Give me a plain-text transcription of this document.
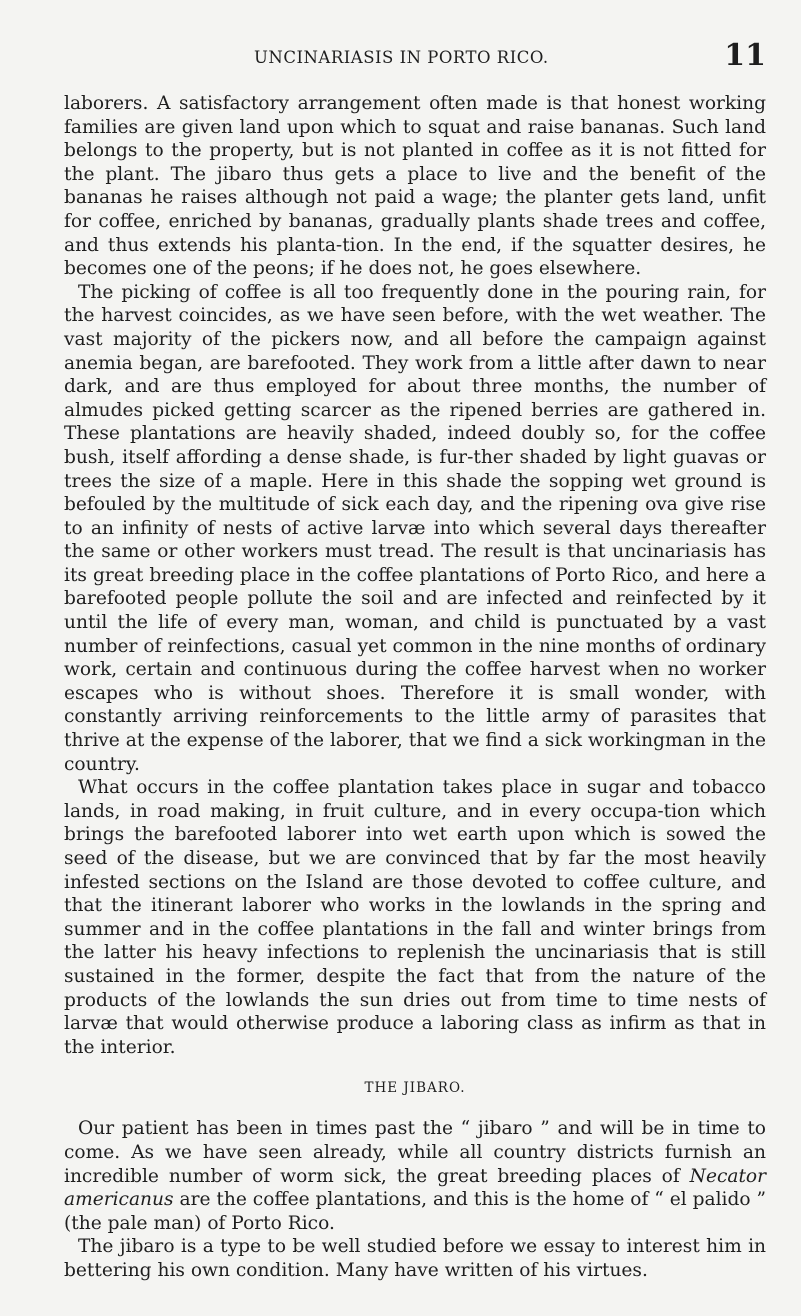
UNCINARIASIS IN PORTO RICO.	11

laborers. A satisfactory arrangement often made is that honest working families are given land upon which to squat and raise bananas. Such land belongs to the property, but is not planted in coffee as it is not fitted for the plant. The jibaro thus gets a place to live and the benefit of the bananas he raises although not paid a wage; the planter gets land, unfit for coffee, enriched by bananas, gradually plants shade trees and coffee, and thus extends his planta-tion. In the end, if the squatter desires, he becomes one of the peons; if he does not, he goes elsewhere.

The picking of coffee is all too frequently done in the pouring rain, for the harvest coincides, as we have seen before, with the wet weather. The vast majority of the pickers now, and all before the campaign against anemia began, are barefooted. They work from a little after dawn to near dark, and are thus employed for about three months, the number of almudes picked getting scarcer as the ripened berries are gathered in. These plantations are heavily shaded, indeed doubly so, for the coffee bush, itself affording a dense shade, is fur-ther shaded by light guavas or trees the size of a maple. Here in this shade the sopping wet ground is befouled by the multitude of sick each day, and the ripening ova give rise to an infinity of nests of active larvæ into which several days thereafter the same or other workers must tread. The result is that uncinariasis has its great breeding place in the coffee plantations of Porto Rico, and here a barefooted people pollute the soil and are infected and reinfected by it until the life of every man, woman, and child is punctuated by a vast number of reinfections, casual yet common in the nine months of ordinary work, certain and continuous during the coffee harvest when no worker escapes who is without shoes. Therefore it is small wonder, with constantly arriving reinforcements to the little army of parasites that thrive at the expense of the laborer, that we find a sick workingman in the country.

What occurs in the coffee plantation takes place in sugar and tobacco lands, in road making, in fruit culture, and in every occupa-tion which brings the barefooted laborer into wet earth upon which is sowed the seed of the disease, but we are convinced that by far the most heavily infested sections on the Island are those devoted to coffee culture, and that the itinerant laborer who works in the lowlands in the spring and summer and in the coffee plantations in the fall and winter brings from the latter his heavy infections to replenish the uncinariasis that is still sustained in the former, despite the fact that from the nature of the products of the lowlands the sun dries out from time to time nests of larvæ that would otherwise produce a laboring class as infirm as that in the interior.

THE JIBARO.

Our patient has been in times past the “ jibaro ” and will be in time to come. As we have seen already, while all country districts furnish an incredible number of worm sick, the great breeding places of Necator americanus are the coffee plantations, and this is the home of “ el palido ” (the pale man) of Porto Rico.

The jibaro is a type to be well studied before we essay to interest him in bettering his own condition. Many have written of his virtues.
